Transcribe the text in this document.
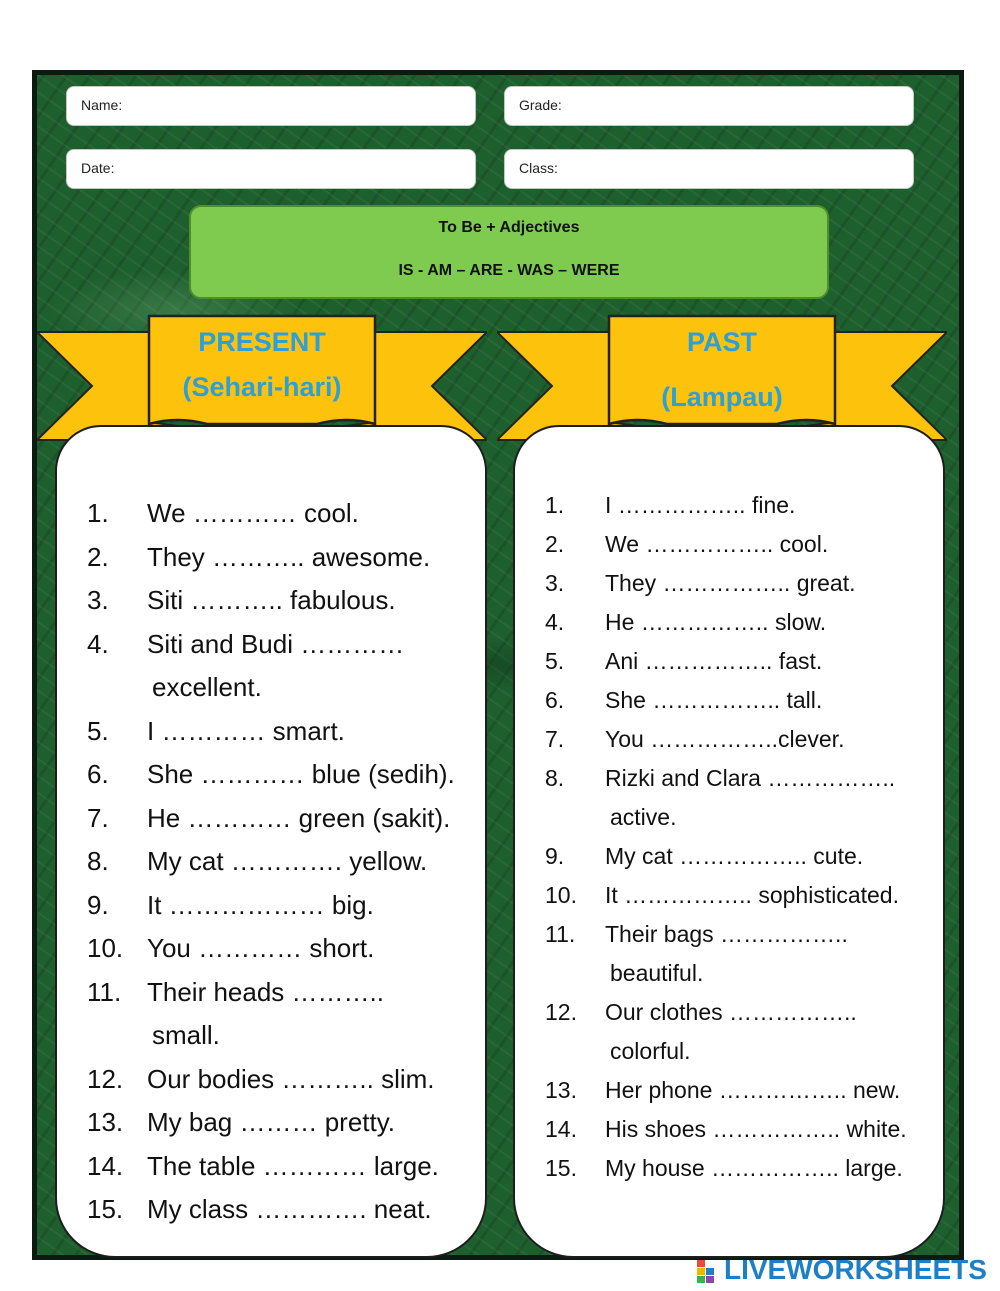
Name:	Grade:
Date:	Class:
To Be + Adjectives
IS - AM – ARE - WAS – WERE
PRESENT
(Sehari-hari)
PAST
(Lampau)
1. We ………… cool.
2. They ……….. awesome.
3. Siti ……….. fabulous.
4. Siti and Budi …………
excellent.
5. I ………… smart.
6. She ………… blue (sedih).
7. He ………… green (sakit).
8. My cat …………. yellow.
9. It ……………… big.
10. You ………… short.
11. Their heads ………..
small.
12. Our bodies ……….. slim.
13. My bag ……… pretty.
14. The table ………… large.
15. My class …………. neat.
1. I …………….. fine.
2. We …………….. cool.
3. They …………….. great.
4. He …………….. slow.
5. Ani …………….. fast.
6. She …………….. tall.
7. You ……………..clever.
8. Rizki and Clara ……………..
active.
9. My cat …………….. cute.
10. It …………….. sophisticated.
11. Their bags ……………..
beautiful.
12. Our clothes ……………..
colorful.
13. Her phone …………….. new.
14. His shoes …………….. white.
15. My house …………….. large.
LIVEWORKSHEETS
